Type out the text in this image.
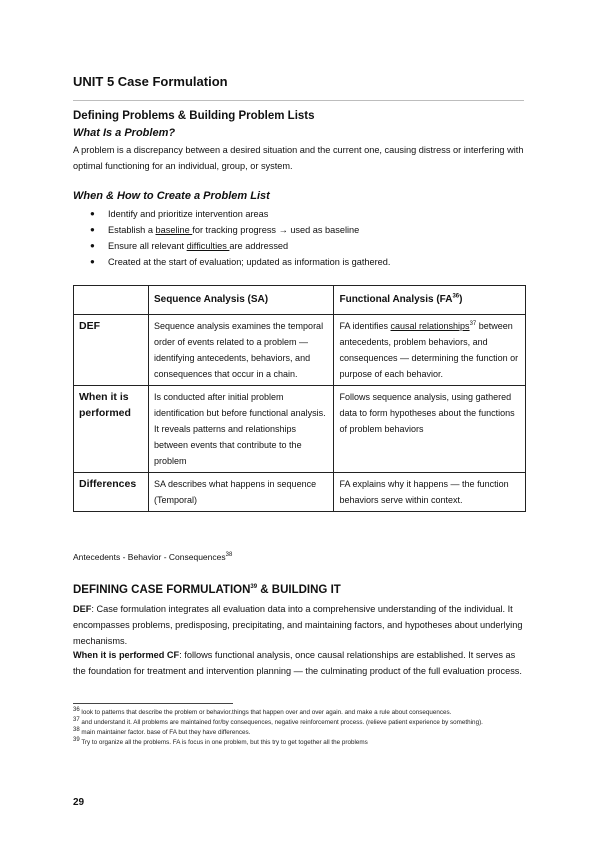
UNIT 5 Case Formulation
Defining Problems & Building Problem Lists
What Is a Problem?
A problem is a discrepancy between a desired situation and the current one, causing distress or interfering with optimal functioning for an individual, group, or system.
When & How to Create a Problem List
● Identify and prioritize intervention areas
● Establish a baseline for tracking progress → used as baseline
● Ensure all relevant difficulties are addressed
● Created at the start of evaluation; updated as information is gathered.
	Sequence Analysis (SA)	Functional Analysis (FA$^{36}$)
DEF	Sequence analysis examines the temporal order of events related to a problem —identifying antecedents, behaviors, and consequences that occur in a chain.	FA identifies causal relationships$^{37}$ between antecedents, problem behaviors, and consequences — determining the function or purpose of each behavior.
When it is performed	Is conducted after initial problem identification but before functional analysis. It reveals patterns and relationships between events that contribute to the problem	Follows sequence analysis, using gathered data to form hypotheses about the functions of problem behaviors
Differences	SA describes what happens in sequence (Temporal)	FA explains why it happens — the function behaviors serve within context.
Antecedents - Behavior - Consequences$^{38}$
DEFINING CASE FORMULATION$^{39}$ & BUILDING IT
DEF: Case formulation integrates all evaluation data into a comprehensive understanding of the individual. It encompasses problems, predisposing, precipitating, and maintaining factors, and hypotheses about underlying mechanisms.
When it is performed CF: follows functional analysis, once causal relationships are established. It serves as the foundation for treatment and intervention planning — the culminating product of the full evaluation process.
$^{36}$ look to patterns that describe the problem or behavior.things that happen over and over again. and make a rule about consequences.
$^{37}$ and understand it. All problems are maintained for/by consequences, negative reinforcement process. (relieve patient experience by something).
$^{38}$ main maintainer factor. base of FA but they have differences.
$^{39}$ Try to organize all the problems. FA is focus in one problem, but this try to get together all the problems
29
